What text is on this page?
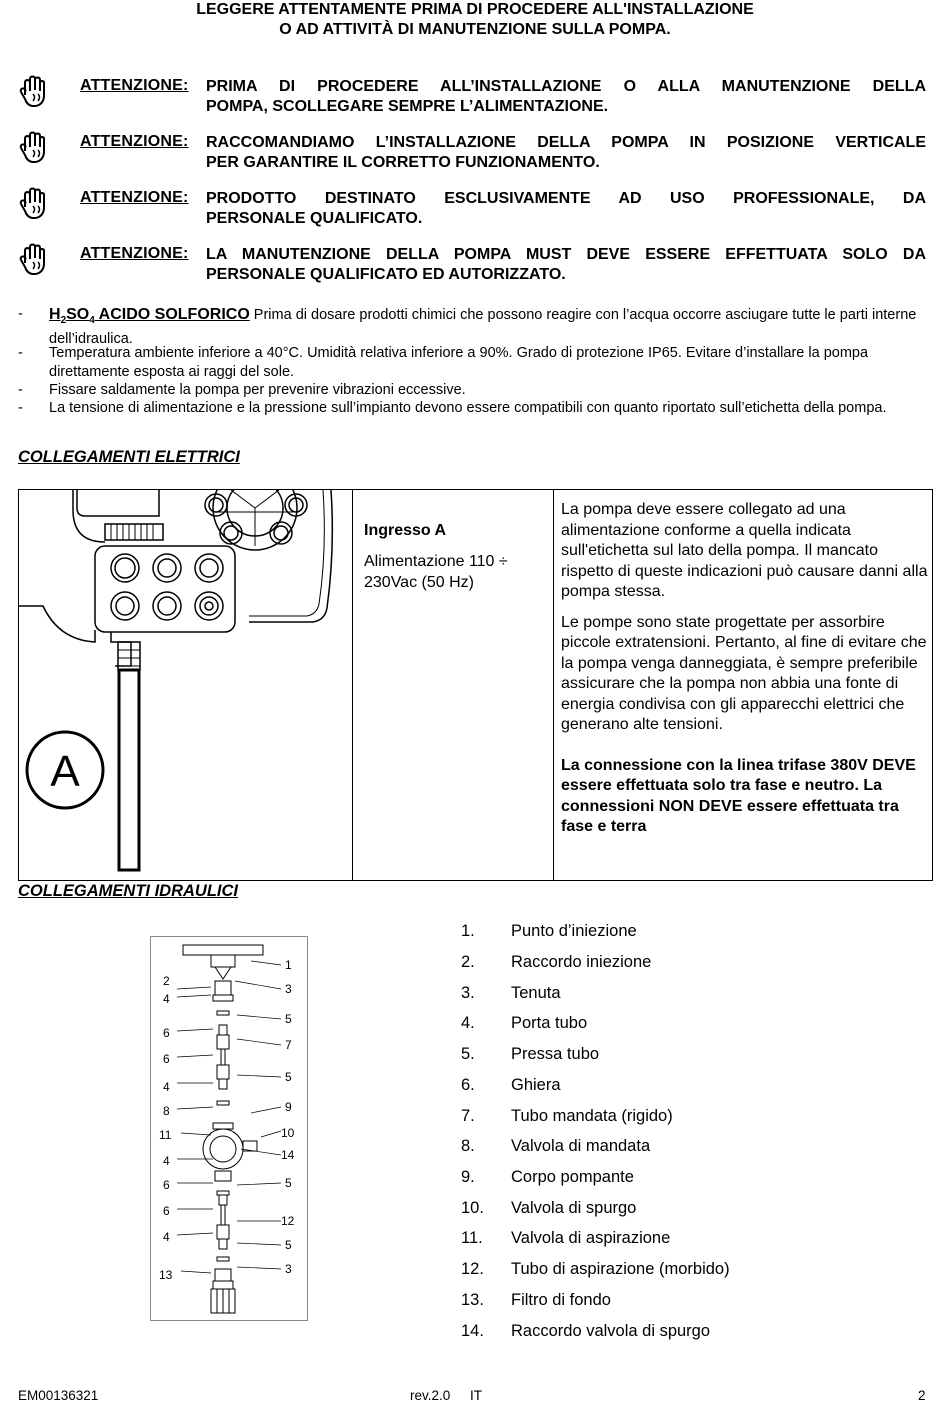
LEGGERE ATTENTAMENTE PRIMA DI PROCEDERE ALL'INSTALLAZIONE
O AD ATTIVITÀ DI MANUTENZIONE SULLA POMPA.
ATTENZIONE: PRIMA DI PROCEDERE ALL’INSTALLAZIONE O ALLA MANUTENZIONE DELLA
POMPA, SCOLLEGARE SEMPRE L’ALIMENTAZIONE.
ATTENZIONE: RACCOMANDIAMO L’INSTALLAZIONE DELLA POMPA IN POSIZIONE VERTICALE
PER GARANTIRE IL CORRETTO FUNZIONAMENTO.
ATTENZIONE: PRODOTTO DESTINATO ESCLUSIVAMENTE AD USO PROFESSIONALE, DA
PERSONALE QUALIFICATO.
ATTENZIONE: LA MANUTENZIONE DELLA POMPA MUST DEVE ESSERE EFFETTUATA SOLO DA
PERSONALE QUALIFICATO ED AUTORIZZATO.
- $H_2SO_4$ ACIDO SOLFORICO Prima di dosare prodotti chimici che possono reagire con l’acqua occorre asciugare tutte le parti interne dell’idraulica.
- Temperatura ambiente inferiore a 40°C. Umidità relativa inferiore a 90%. Grado di protezione IP65. Evitare d’installare la pompa direttamente esposta ai raggi del sole.
- Fissare saldamente la pompa per prevenire vibrazioni eccessive.
- La tensione di alimentazione e la pressione sull’impianto devono essere compatibili con quanto riportato sull’etichetta della pompa.
COLLEGAMENTI ELETTRICI
A
Ingresso A
Alimentazione 110 ÷ 230Vac (50 Hz)
La pompa deve essere collegato ad una alimentazione conforme a quella indicata sull'etichetta sul lato della pompa. Il mancato rispetto di queste indicazioni può causare danni alla pompa stessa.
Le pompe sono state progettate per assorbire piccole extratensioni. Pertanto, al fine di evitare che la pompa venga danneggiata, è sempre preferibile assicurare che la pompa non abbia una fonte di energia condivisa con gli apparecchi elettrici che generano alte tensioni.
La connessione con la linea trifase 380V DEVE essere effettuata solo tra fase e neutro. La connessioni NON DEVE essere effettuata tra fase e terra
COLLEGAMENTI IDRAULICI
2
4
6
6
4
8
11
4
6
6
4
13
1
3
5
7
5
9
10
14
5
12
5
3
1. Punto d’iniezione
2. Raccordo iniezione
3. Tenuta
4. Porta tubo
5. Pressa tubo
6. Ghiera
7. Tubo mandata (rigido)
8. Valvola di mandata
9. Corpo pompante
10. Valvola di spurgo
11. Valvola di aspirazione
12. Tubo di aspirazione (morbido)
13. Filtro di fondo
14. Raccordo valvola di spurgo
EM00136321	rev.2.0 IT	2
